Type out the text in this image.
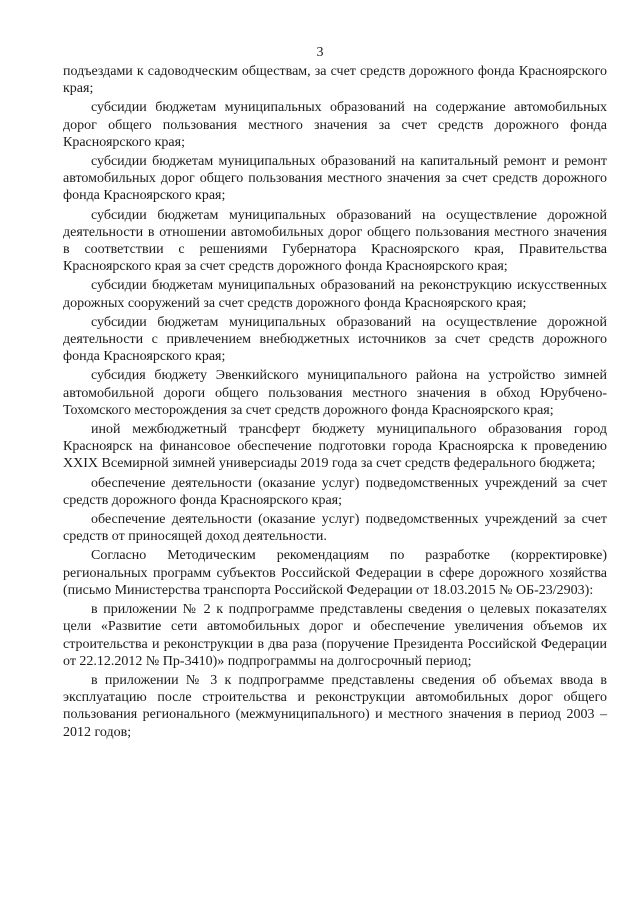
3

подъездами к садоводческим обществам, за счет средств дорожного фонда Красноярского края;

субсидии бюджетам муниципальных образований на содержание автомобильных дорог общего пользования местного значения за счет средств дорожного фонда Красноярского края;

субсидии бюджетам муниципальных образований на капитальный ремонт и ремонт автомобильных дорог общего пользования местного значения за счет средств дорожного фонда Красноярского края;

субсидии бюджетам муниципальных образований на осуществление дорожной деятельности в отношении автомобильных дорог общего пользования местного значения в соответствии с решениями Губернатора Красноярского края, Правительства Красноярского края за счет средств дорожного фонда Красноярского края;

субсидии бюджетам муниципальных образований на реконструкцию искусственных дорожных сооружений за счет средств дорожного фонда Красноярского края;

субсидии бюджетам муниципальных образований на осуществление дорожной деятельности с привлечением внебюджетных источников за счет средств дорожного фонда Красноярского края;

субсидия бюджету Эвенкийского муниципального района на устройство зимней автомобильной дороги общего пользования местного значения в обход Юрубчено-Тохомского месторождения за счет средств дорожного фонда Красноярского края;

иной межбюджетный трансферт бюджету муниципального образования город Красноярск на финансовое обеспечение подготовки города Красноярска к проведению XXIX Всемирной зимней универсиады 2019 года за счет средств федерального бюджета;

обеспечение деятельности (оказание услуг) подведомственных учреждений за счет средств дорожного фонда Красноярского края;

обеспечение деятельности (оказание услуг) подведомственных учреждений за счет средств от приносящей доход деятельности.

Согласно Методическим рекомендациям по разработке (корректировке) региональных программ субъектов Российской Федерации в сфере дорожного хозяйства (письмо Министерства транспорта Российской Федерации от 18.03.2015 № ОБ-23/2903):

в приложении № 2 к подпрограмме представлены сведения о целевых показателях цели «Развитие сети автомобильных дорог и обеспечение увеличения объемов их строительства и реконструкции в два раза (поручение Президента Российской Федерации от 22.12.2012 № Пр-3410)» подпрограммы на долгосрочный период;

в приложении № 3 к подпрограмме представлены сведения об объемах ввода в эксплуатацию после строительства и реконструкции автомобильных дорог общего пользования регионального (межмуниципального) и местного значения в период 2003 – 2012 годов;
